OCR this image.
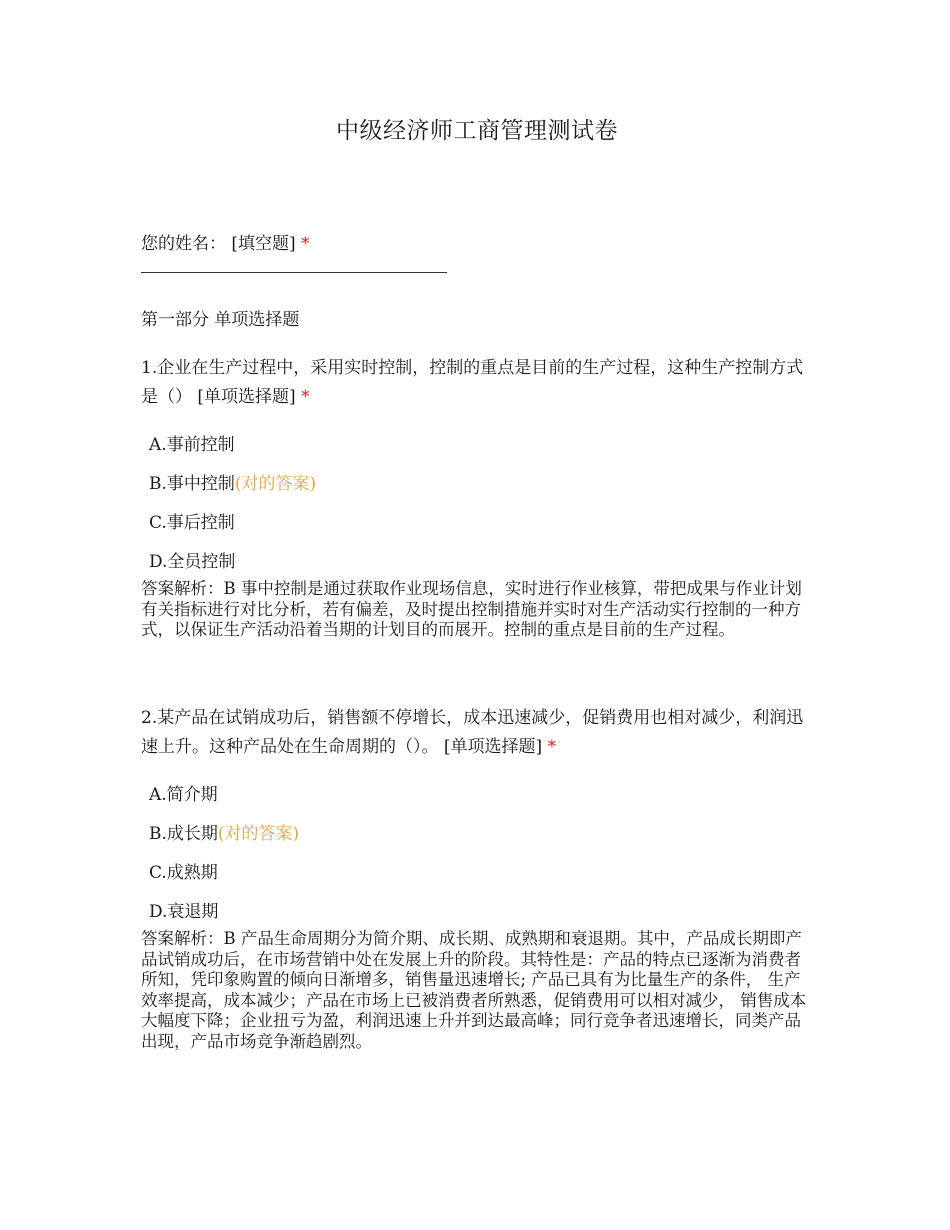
中级经济师工商管理测试卷
您的姓名： [填空题] *
第一部分 单项选择题
1.企业在生产过程中，采用实时控制，控制的重点是目前的生产过程，这种生产控制方式是（） [单项选择题] *
A.事前控制
B.事中控制(对的答案)
C.事后控制
D.全员控制
答案解析：B 事中控制是通过获取作业现场信息，实时进行作业核算，带把成果与作业计划有关指标进行对比分析，若有偏差，及时提出控制措施并实时对生产活动实行控制的一种方式，以保证生产活动沿着当期的计划目的而展开。控制的重点是目前的生产过程。
2.某产品在试销成功后，销售额不停增长，成本迅速减少，促销费用也相对减少，利润迅速上升。这种产品处在生命周期的（）。 [单项选择题] *
A.简介期
B.成长期(对的答案)
C.成熟期
D.衰退期
答案解析：B 产品生命周期分为简介期、成长期、成熟期和衰退期。其中，产品成长期即产品试销成功后，在市场营销中处在发展上升的阶段。其特性是：产品的特点已逐渐为消费者所知，凭印象购置的倾向日渐增多，销售量迅速增长; 产品已具有为比量生产的条件， 生产效率提高，成本减少；产品在市场上已被消费者所熟悉，促销费用可以相对减少， 销售成本大幅度下降；企业扭亏为盈，利润迅速上升并到达最高峰；同行竞争者迅速增长，同类产品出现，产品市场竞争渐趋剧烈。
